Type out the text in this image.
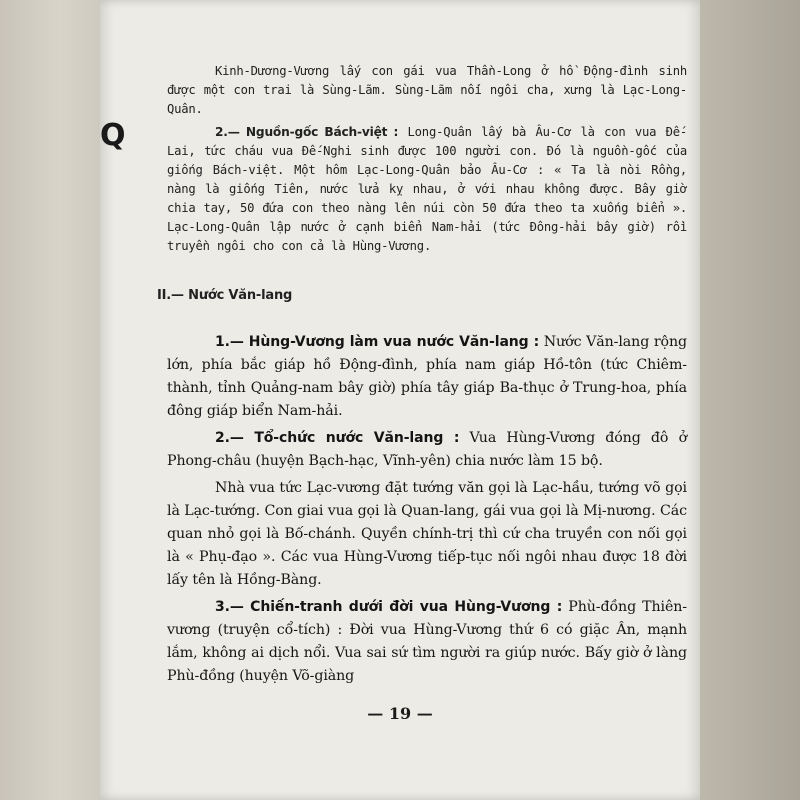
Q

Kinh-Dương-Vương lấy con gái vua Thần-Long ở hồ Động-đình sinh được một con trai là Sùng-Lãm. Sùng-Lãm nối ngôi cha, xưng là Lạc-Long-Quân.

2.— Nguồn-gốc Bách-việt : Long-Quân lấy bà Âu-Cơ là con vua Đế-Lai, tức cháu vua Đế-Nghi sinh được 100 người con. Đó là nguồn-gốc của giống Bách-việt. Một hôm Lạc-Long-Quân bảo Âu-Cơ : « Ta là nòi Rồng, nàng là giống Tiên, nước lửa kỵ nhau, ở với nhau không được. Bây giờ chia tay, 50 đứa con theo nàng lên núi còn 50 đứa theo ta xuống biển ». Lạc-Long-Quân lập nước ở cạnh biển Nam-hải (tức Đông-hải bây giờ) rồi truyền ngôi cho con cả là Hùng-Vương.

II.— Nước Văn-lang

1.— Hùng-Vương làm vua nước Văn-lang : Nước Văn-lang rộng lớn, phía bắc giáp hồ Động-đình, phía nam giáp Hồ-tôn (tức Chiêm-thành, tỉnh Quảng-nam bây giờ) phía tây giáp Ba-thục ở Trung-hoa, phía đông giáp biển Nam-hải.

2.— Tổ-chức nước Văn-lang : Vua Hùng-Vương đóng đô ở Phong-châu (huyện Bạch-hạc, Vĩnh-yên) chia nước làm 15 bộ.

Nhà vua tức Lạc-vương đặt tướng văn gọi là Lạc-hầu, tướng võ gọi là Lạc-tướng. Con giai vua gọi là Quan-lang, gái vua gọi là Mị-nương. Các quan nhỏ gọi là Bố-chánh. Quyền chính-trị thì cứ cha truyền con nối gọi là « Phụ-đạo ». Các vua Hùng-Vương tiếp-tục nối ngôi nhau được 18 đời lấy tên là Hồng-Bàng.

3.— Chiến-tranh dưới đời vua Hùng-Vương : Phù-đồng Thiên-vương (truyện cổ-tích) : Đời vua Hùng-Vương thứ 6 có giặc Ân, mạnh lắm, không ai dịch nổi. Vua sai sứ tìm người ra giúp nước. Bấy giờ ở làng Phù-đồng (huyện Võ-giàng

— 19 —
